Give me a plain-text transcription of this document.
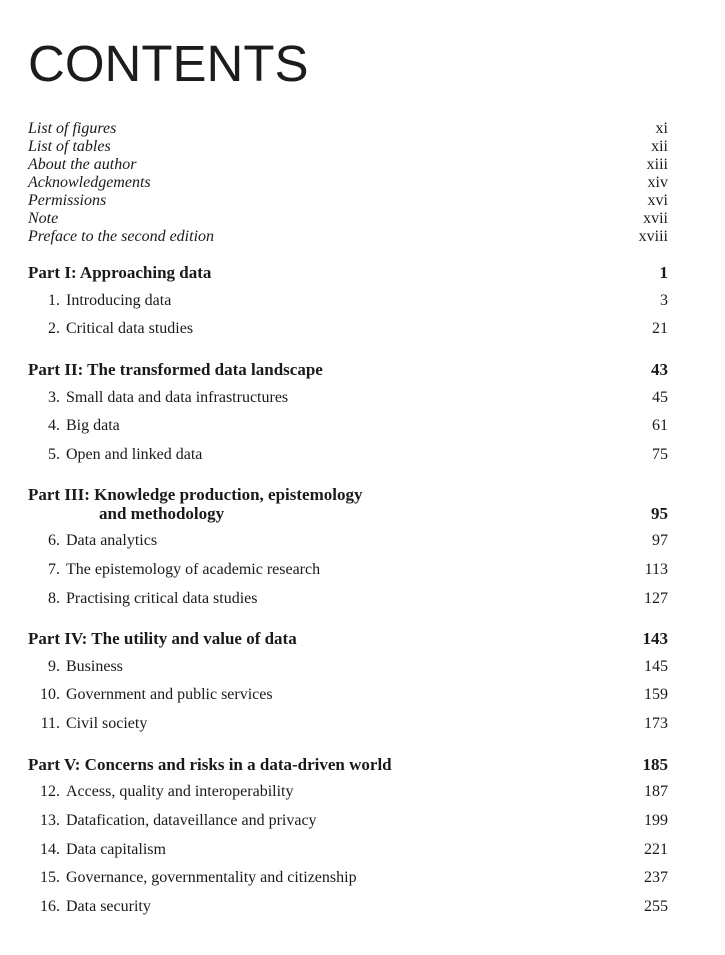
CONTENTS
List of figures	xi
List of tables	xii
About the author	xiii
Acknowledgements	xiv
Permissions	xvi
Note	xvii
Preface to the second edition	xviii
Part I: Approaching data	1
1. Introducing data	3
2. Critical data studies	21
Part II: The transformed data landscape	43
3. Small data and data infrastructures	45
4. Big data	61
5. Open and linked data	75
Part III: Knowledge production, epistemology
and methodology	95
6. Data analytics	97
7. The epistemology of academic research	113
8. Practising critical data studies	127
Part IV: The utility and value of data	143
9. Business	145
10. Government and public services	159
11. Civil society	173
Part V: Concerns and risks in a data-driven world	185
12. Access, quality and interoperability	187
13. Datafication, dataveillance and privacy	199
14. Data capitalism	221
15. Governance, governmentality and citizenship	237
16. Data security	255
